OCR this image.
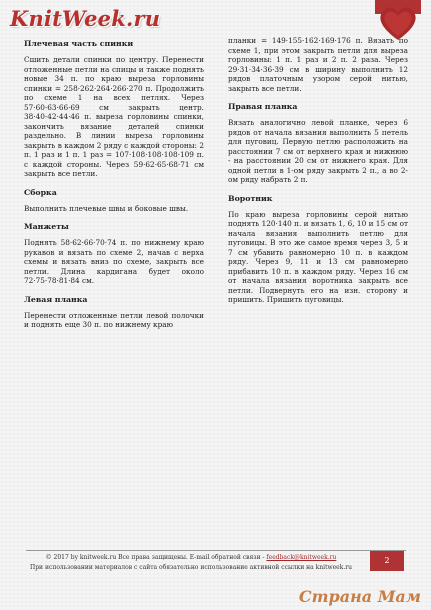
KnitWeek.ru
Плечевая часть спинки

Сшить детали спинки по центру. Перенести отложенные петли на спицы и также поднять новые 34 п. по краю выреза горловины спинки = 258·262·264·266·270 п. Продолжить по схеме 1 на всех петлях. Через 57·60·63·66·69 см закрыть центр. 38·40·42·44·46 п. выреза горловины спинки, закончить вязание деталей спинки раздельно. В линии выреза горловины закрыть в каждом 2 ряду с каждой стороны: 2 п. 1 раз и 1 п. 1 раз = 107·108·108·108·109 п. с каждой стороны. Через 59·62·65·68·71 см закрыть все петли.

Сборка

Выполнить плечевые швы и боковые швы.

Манжеты

Поднять 58·62·66·70·74 п. по нижнему краю рукавов и вязать по схеме 2, начав с верха схемы и вязать вниз по схеме, закрыть все петли. Длина кардигана будет около 72·75·78·81·84 см.

Левая планка

Перенести отложенные петли левой полочки и поднять еще 30 п. по нижнему краю

планки = 149·155·162·169·176 п. Вязать по схеме 1, при этом закрыть петли для выреза горловины: 1 п. 1 раз и 2 п. 2 раза. Через 29·31·34·36·39 см в ширину выполнить 12 рядов платочным узором серой нитью, закрыть все петли.

Правая планка

Вязать аналогично левой планке, через 6 рядов от начала вязания выполнить 5 петель для пуговиц. Первую петлю расположить на расстоянии 7 см от верхнего края и нижнюю - на расстоянии 20 см от нижнего края. Для одной петли в 1-ом ряду закрыть 2 п., а во 2-ом ряду набрать 2 п.

Воротник

По краю выреза горловины серой нитью поднять 120·140 п. и вязать 1, 6, 10 и 15 см от начала вязания выполнить петлю для пуговицы. В это же самое время через 3, 5 и 7 см убавить равномерно 10 п. в каждом ряду. Через 9, 11 и 13 см равномерно прибавить 10 п. в каждом ряду. Через 16 см от начала вязания воротника закрыть все петли. Подвернуть его на изн. сторону и пришить. Пришить пуговицы.

© 2017 by knitweek.ru Все права защищены. E-mail обратной связи - feedback@knitweek.ru
При использовании материалов с сайта обязательно использование активной ссылки на knitweek.ru
2
Страна Мам
